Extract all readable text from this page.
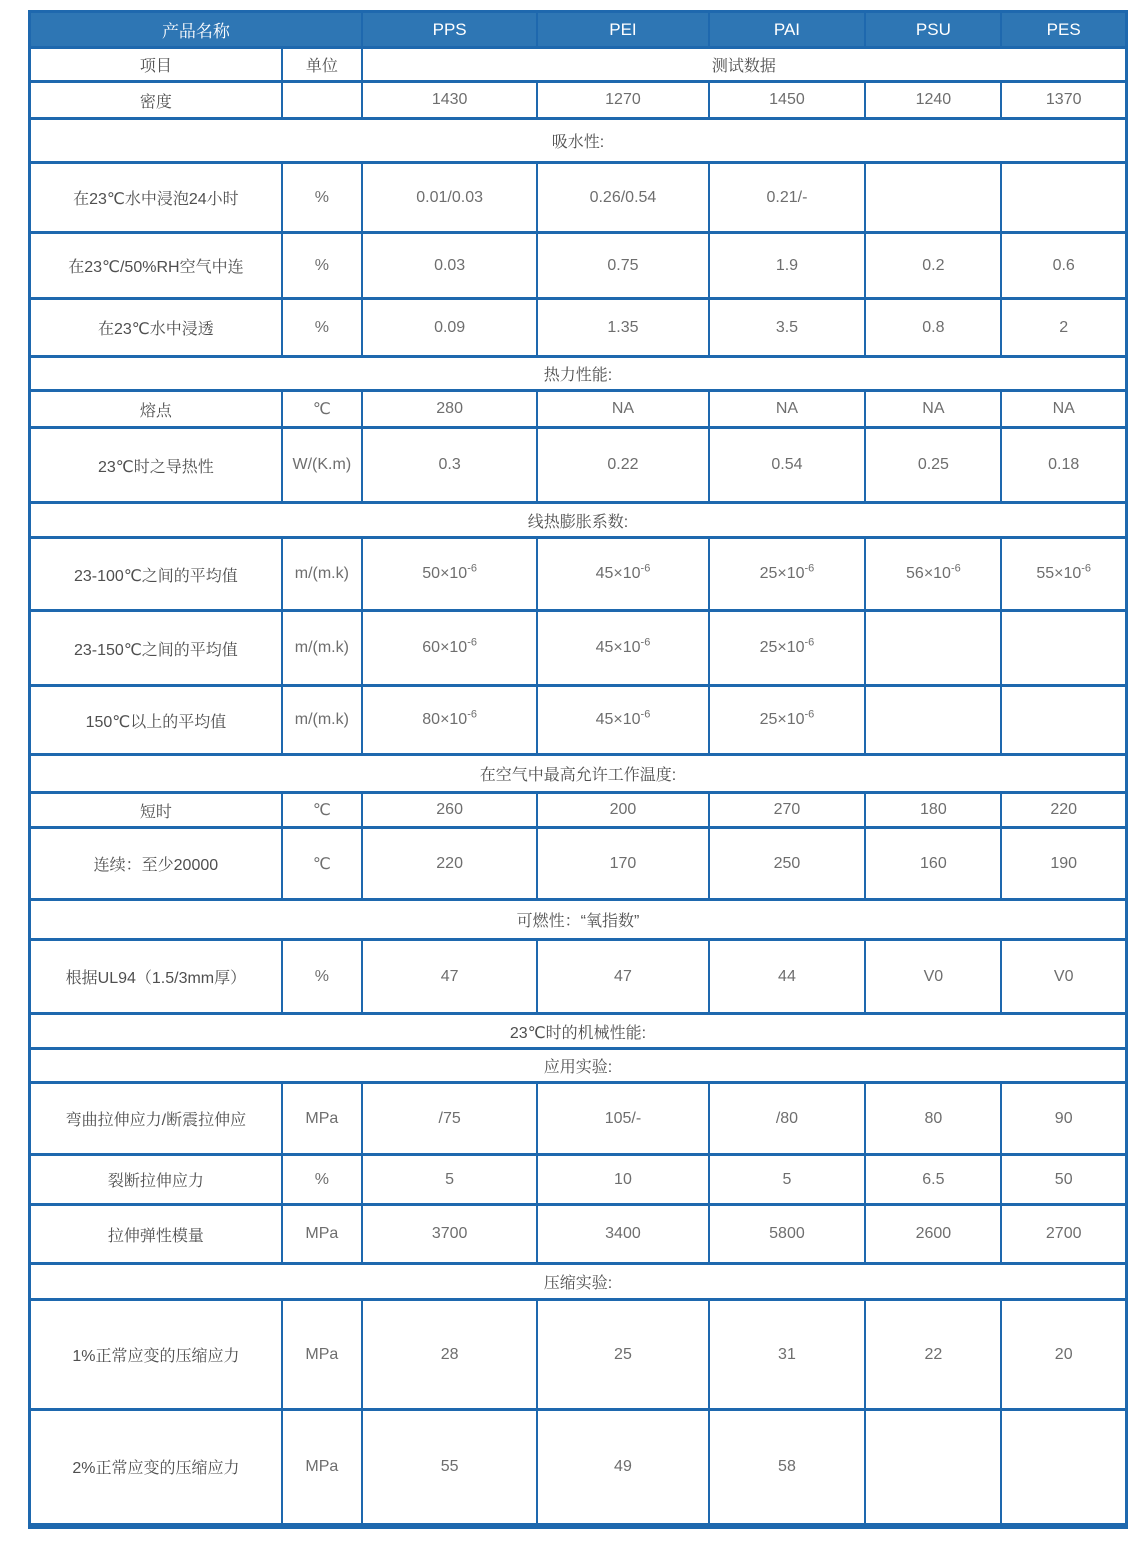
产品名称		PPS	PEI	PAI	PSU	PES
项目	单位	测试数据				
密度		1430	1270	1450	1240	1370
吸水性:						
在23℃水中浸泡24小时	%	0.01/0.03	0.26/0.54	0.21/-		
在23℃/50%RH空气中连	%	0.03	0.75	1.9	0.2	0.6
在23℃水中浸透	%	0.09	1.35	3.5	0.8	2
热力性能:						
熔点	℃	280	NA	NA	NA	NA
23℃时之导热性	W/(K.m)	0.3	0.22	0.54	0.25	0.18
线热膨胀系数:						
23-100℃之间的平均值	m/(m.k)	$50\times 10^{-6}$	$45\times 10^{-6}$	$25\times 10^{-6}$	$56\times 10^{-6}$	$55\times 10^{-6}$
23-150℃之间的平均值	m/(m.k)	$60\times 10^{-6}$	$45\times 10^{-6}$	$25\times 10^{-6}$		
150℃以上的平均值	m/(m.k)	$80\times 10^{-6}$	$45\times 10^{-6}$	$25\times 10^{-6}$		
在空气中最高允许工作温度:						
短时	℃	260	200	270	180	220
连续：至少20000	℃	220	170	250	160	190
可燃性：“氧指数”						
根据UL94（1.5/3mm厚）	%	47	47	44	V0	V0
23℃时的机械性能:						
应用实验:						
弯曲拉伸应力/断震拉伸应	MPa	/75	105/-	/80	80	90
裂断拉伸应力	%	5	10	5	6.5	50
拉伸弹性模量	MPa	3700	3400	5800	2600	2700
压缩实验:						
1%正常应变的压缩应力	MPa	28	25	31	22	20
2%正常应变的压缩应力	MPa	55	49	58		
